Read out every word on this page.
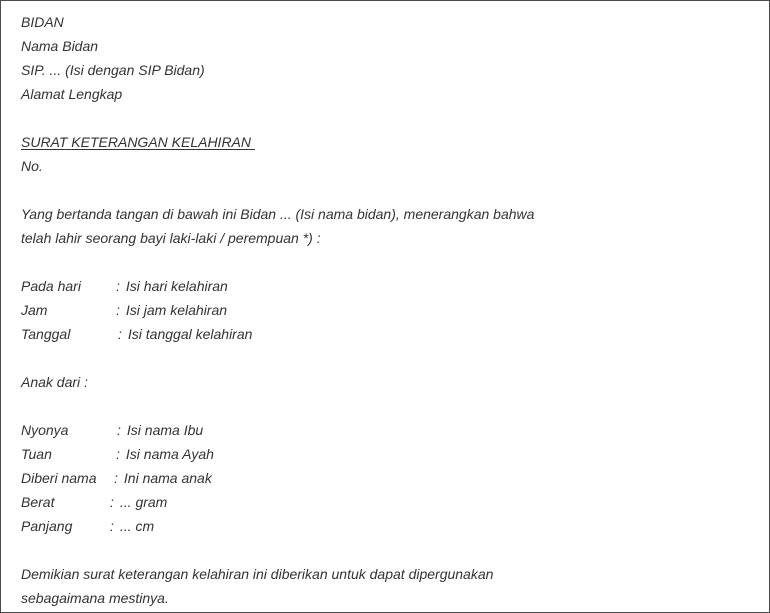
BIDAN
Nama Bidan
SIP. ... (Isi dengan SIP Bidan)
Alamat Lengkap
SURAT KETERANGAN KELAHIRAN
No.
Yang bertanda tangan di bawah ini Bidan ... (Isi nama bidan), menerangkan bahwa
telah lahir seorang bayi laki-laki / perempuan *) :
Pada hari	: Isi hari kelahiran
Jam	: Isi jam kelahiran
Tanggal	: Isi tanggal kelahiran
Anak dari :
Nyonya	: Isi nama Ibu
Tuan	: Isi nama Ayah
Diberi nama	: Ini nama anak
Berat	: ... gram
Panjang	: ... cm
Demikian surat keterangan kelahiran ini diberikan untuk dapat dipergunakan
sebagaimana mestinya.
